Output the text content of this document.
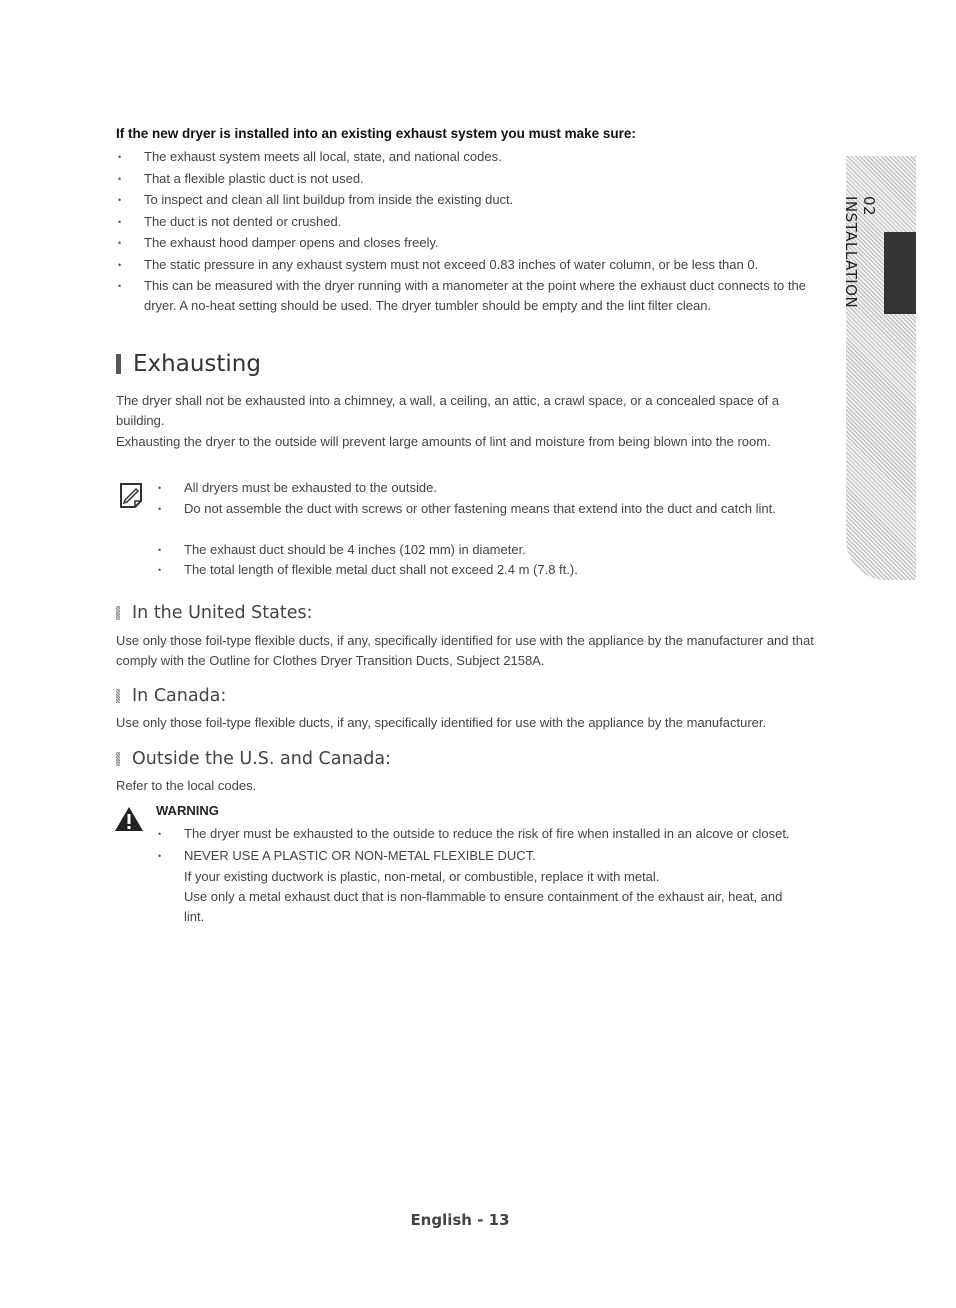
If the new dryer is installed into an existing exhaust system you must make sure:
• The exhaust system meets all local, state, and national codes.
• That a flexible plastic duct is not used.
• To inspect and clean all lint buildup from inside the existing duct.
• The duct is not dented or crushed.
• The exhaust hood damper opens and closes freely.
• The static pressure in any exhaust system must not exceed 0.83 inches of water column, or be less than 0.
• This can be measured with the dryer running with a manometer at the point where the exhaust duct connects to the dryer. A no-heat setting should be used. The dryer tumbler should be empty and the lint filter clean.
Exhausting
The dryer shall not be exhausted into a chimney, a wall, a ceiling, an attic, a crawl space, or a concealed space of a building.
Exhausting the dryer to the outside will prevent large amounts of lint and moisture from being blown into the room.
• All dryers must be exhausted to the outside.
• Do not assemble the duct with screws or other fastening means that extend into the duct and catch lint.
• The exhaust duct should be 4 inches (102 mm) in diameter.
• The total length of flexible metal duct shall not exceed 2.4 m (7.8 ft.).
In the United States:
Use only those foil-type flexible ducts, if any, specifically identified for use with the appliance by the manufacturer and that comply with the Outline for Clothes Dryer Transition Ducts, Subject 2158A.
In Canada:
Use only those foil-type flexible ducts, if any, specifically identified for use with the appliance by the manufacturer.
Outside the U.S. and Canada:
Refer to the local codes.
WARNING
• The dryer must be exhausted to the outside to reduce the risk of fire when installed in an alcove or closet.
• NEVER USE A PLASTIC OR NON-METAL FLEXIBLE DUCT.
If your existing ductwork is plastic, non-metal, or combustible, replace it with metal.
Use only a metal exhaust duct that is non-flammable to ensure containment of the exhaust air, heat, and lint.
02 INSTALLATION
English - 13
